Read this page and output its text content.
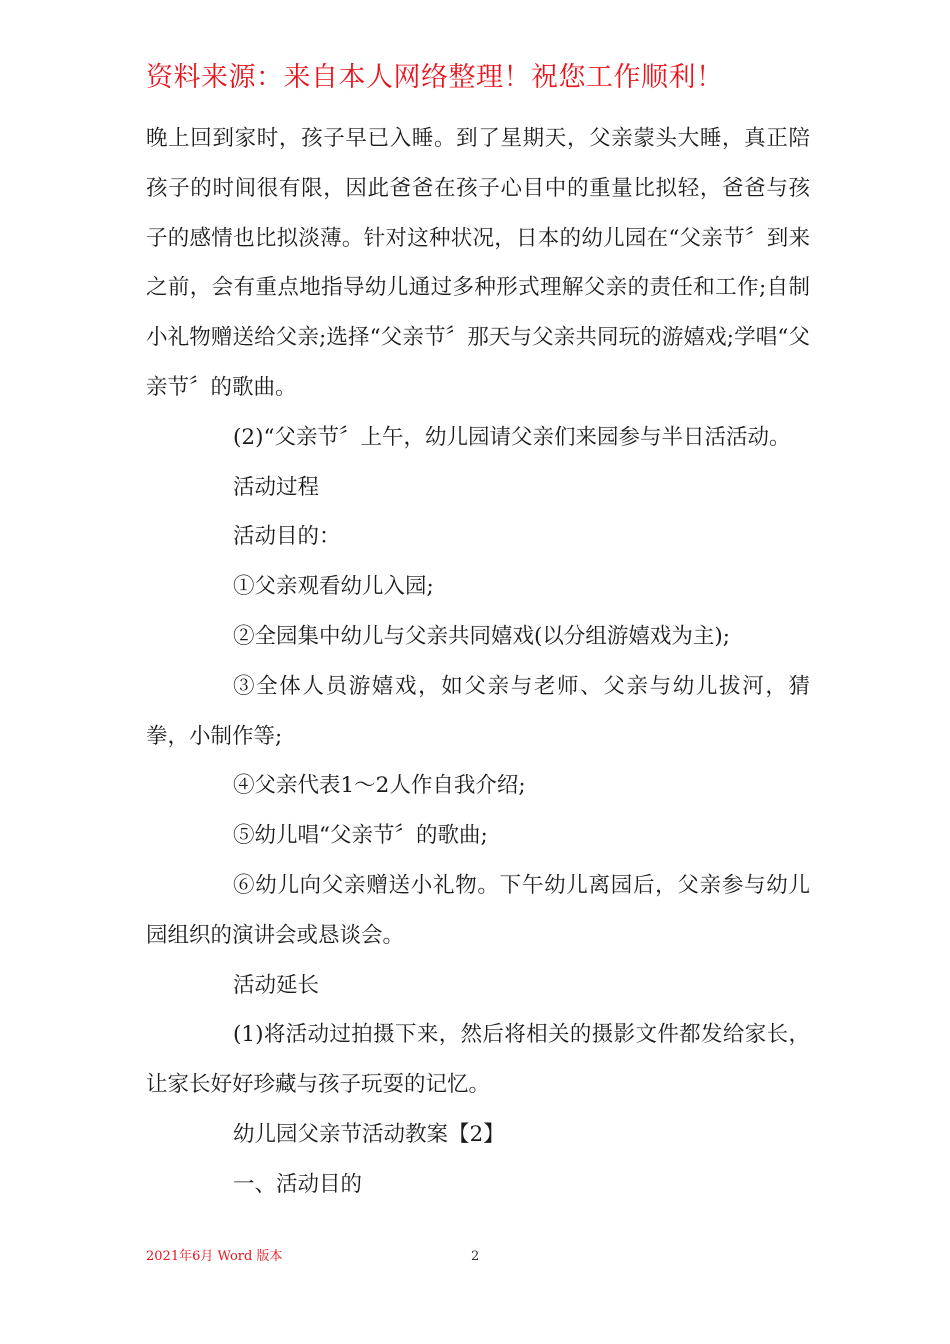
资料来源：来自本人网络整理！祝您工作顺利！

晚上回到家时，孩子早已入睡。到了星期天，父亲蒙头大睡，真正陪孩子的时间很有限，因此爸爸在孩子心目中的重量比拟轻，爸爸与孩子的感情也比拟淡薄。针对这种状况，日本的幼儿园在“父亲节〞到来之前，会有重点地指导幼儿通过多种形式理解父亲的责任和工作;自制小礼物赠送给父亲;选择“父亲节〞那天与父亲共同玩的游嬉戏;学唱“父亲节〞的歌曲。

(2)“父亲节〞上午，幼儿园请父亲们来园参与半日活活动。

活动过程

活动目的：

①父亲观看幼儿入园;

②全园集中幼儿与父亲共同嬉戏(以分组游嬉戏为主);

③全体人员游嬉戏，如父亲与老师、父亲与幼儿拔河，猜拳，小制作等;

④父亲代表1～2人作自我介绍;

⑤幼儿唱“父亲节〞的歌曲;

⑥幼儿向父亲赠送小礼物。下午幼儿离园后，父亲参与幼儿园组织的演讲会或恳谈会。

活动延长

(1)将活动过拍摄下来，然后将相关的摄影文件都发给家长，让家长好好珍藏与孩子玩耍的记忆。

幼儿园父亲节活动教案【2】

一、活动目的

2021年6月 Word 版本	2
